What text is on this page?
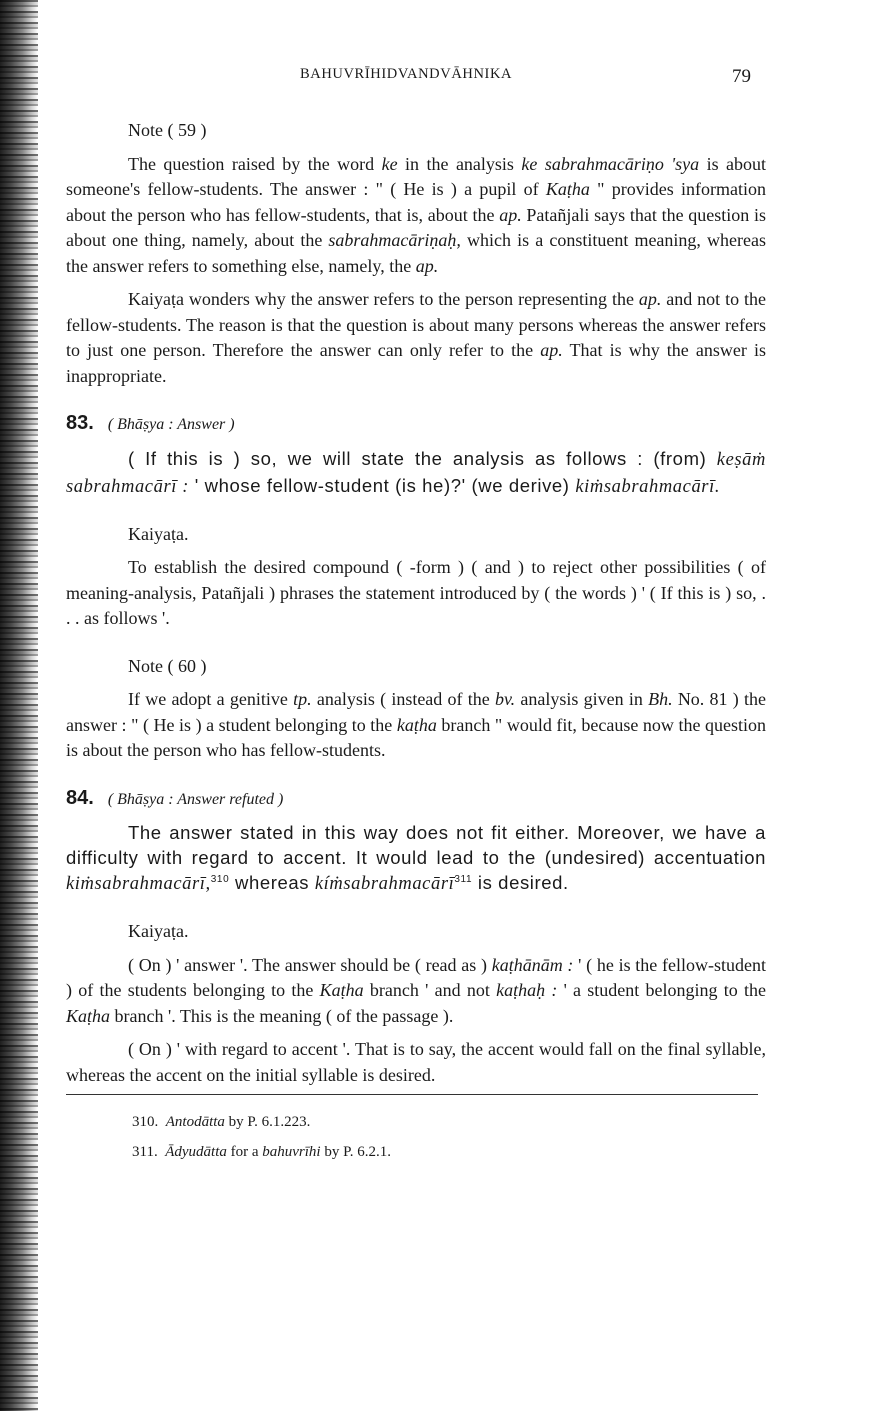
BAHUVRĪHIDVANDVĀHNIKA	79

Note ( 59 )

The question raised by the word ke in the analysis ke sabrahmacāriṇo 'sya is about someone's fellow-students. The answer : " ( He is ) a pupil of Kaṭha " provides information about the person who has fellow-students, that is, about the ap. Patañjali says that the question is about one thing, namely, about the sabrahmacāriṇaḥ, which is a constituent meaning, whereas the answer refers to something else, namely, the ap.

Kaiyaṭa wonders why the answer refers to the person representing the ap. and not to the fellow-students. The reason is that the question is about many persons whereas the answer refers to just one person. Therefore the answer can only refer to the ap. That is why the answer is inappropriate.

83. ( Bhāṣya : Answer )

( If this is ) so, we will state the analysis as follows : (from) keṣāṁ sabrahmacārī : ' whose fellow-student (is he)?' (we derive) kiṁsabrahmacārī.

Kaiyaṭa.

To establish the desired compound ( -form ) ( and ) to reject other possibilities ( of meaning-analysis, Patañjali ) phrases the statement introduced by ( the words ) ' ( If this is ) so, . . . as follows '.

Note ( 60 )

If we adopt a genitive tp. analysis ( instead of the bv. analysis given in Bh. No. 81 ) the answer : " ( He is ) a student belonging to the kaṭha branch " would fit, because now the question is about the person who has fellow-students.

84. ( Bhāṣya : Answer refuted )

The answer stated in this way does not fit either. Moreover, we have a difficulty with regard to accent. It would lead to the (undesired) accentuation kiṁsabrahmacārī,$^{310}$ whereas kíṁsabrahmacārī$^{311}$ is desired.

Kaiyaṭa.

( On ) ' answer '. The answer should be ( read as ) kaṭhānām : ' ( he is the fellow-student ) of the students belonging to the Kaṭha branch ' and not kaṭhaḥ : ' a student belonging to the Kaṭha branch '. This is the meaning ( of the passage ).

( On ) ' with regard to accent '. That is to say, the accent would fall on the final syllable, whereas the accent on the initial syllable is desired.

310. Antodātta by P. 6.1.223.

311. Ādyudātta for a bahuvrīhi by P. 6.2.1.
